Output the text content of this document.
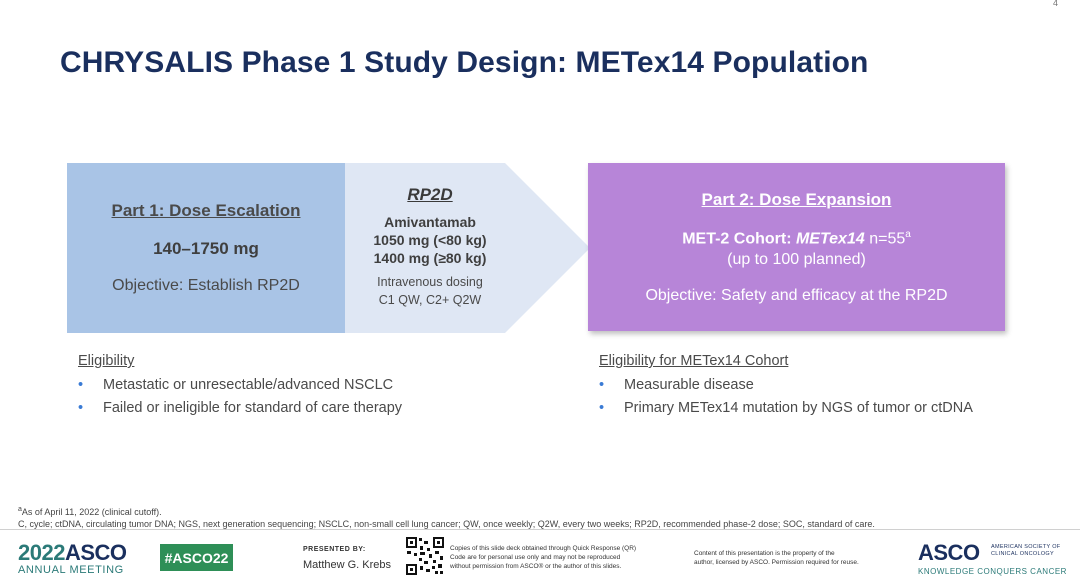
4
CHRYSALIS Phase 1 Study Design: METex14 Population
Part 1: Dose Escalation
140–1750 mg
Objective: Establish RP2D
RP2D
Amivantamab
1050 mg (<80 kg)
1400 mg (≥80 kg)
Intravenous dosing
C1 QW, C2+ Q2W
Part 2: Dose Expansion
MET-2 Cohort: METex14 $n=55^a$
(up to 100 planned)
Objective: Safety and efficacy at the RP2D
Eligibility
• Metastatic or unresectable/advanced NSCLC
• Failed or ineligible for standard of care therapy
Eligibility for METex14 Cohort
• Measurable disease
• Primary METex14 mutation by NGS of tumor or ctDNA
$^a$As of April 11, 2022 (clinical cutoff).
C, cycle; ctDNA, circulating tumor DNA; NGS, next generation sequencing; NSCLC, non-small cell lung cancer; QW, once weekly; Q2W, every two weeks; RP2D, recommended phase-2 dose; SOC, standard of care.
2022ASCO
ANNUAL MEETING
#ASCO22	PRESENTED BY:
Matthew G. Krebs
Copies of this slide deck obtained through Quick Response (QR)
Code are for personal use only and may not be reproduced
without permission from ASCO® or the author of this slides.
Content of this presentation is the property of the
author, licensed by ASCO. Permission required for reuse.	ASCO	AMERICAN SOCIETY OF
CLINICAL ONCOLOGY
KNOWLEDGE CONQUERS CANCER
